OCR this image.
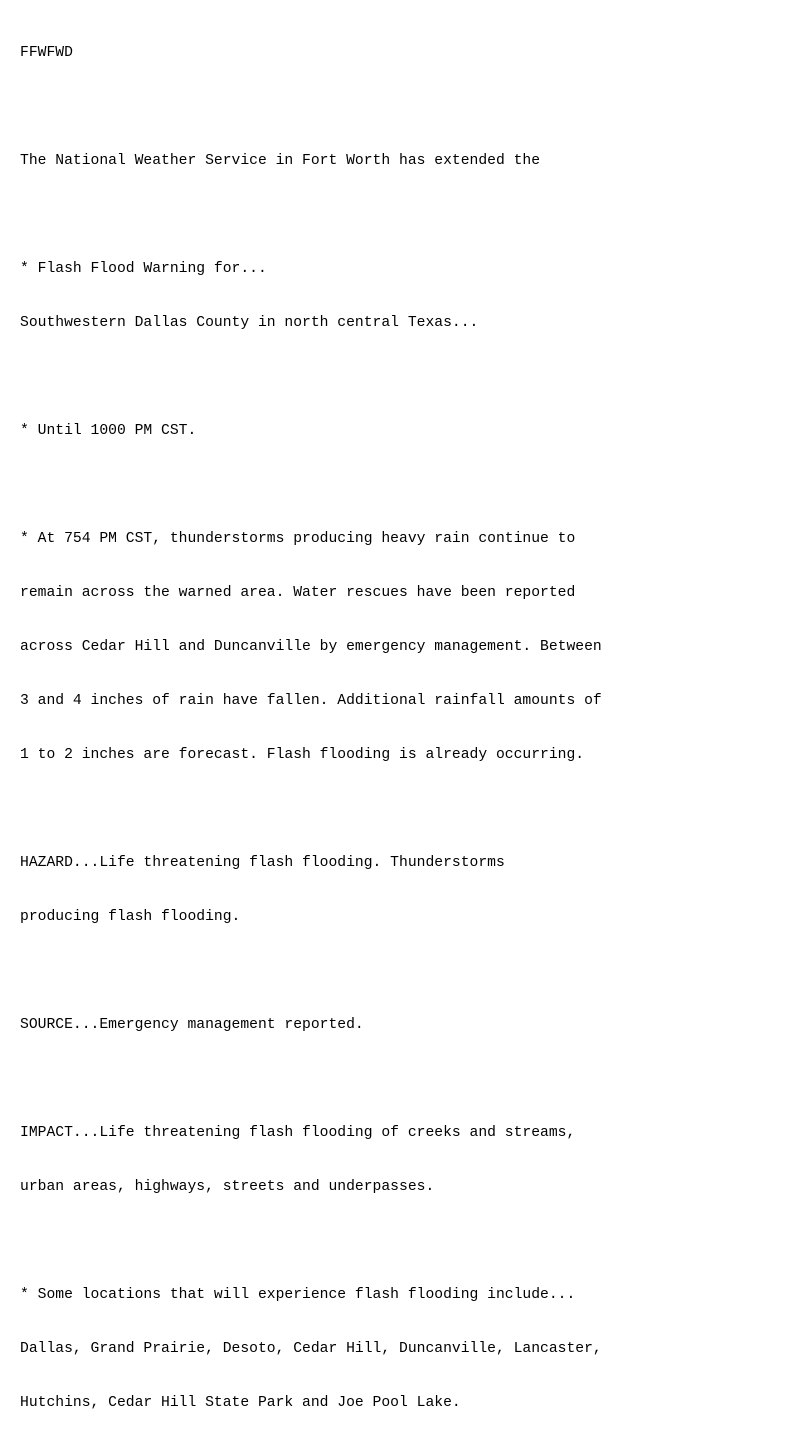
FFWFWD

The National Weather Service in Fort Worth has extended the

* Flash Flood Warning for...

Southwestern Dallas County in north central Texas...

* Until 1000 PM CST.

* At 754 PM CST, thunderstorms producing heavy rain continue to

remain across the warned area. Water rescues have been reported

across Cedar Hill and Duncanville by emergency management. Between

3 and 4 inches of rain have fallen. Additional rainfall amounts of

1 to 2 inches are forecast. Flash flooding is already occurring.

HAZARD...Life threatening flash flooding. Thunderstorms

producing flash flooding.

SOURCE...Emergency management reported.

IMPACT...Life threatening flash flooding of creeks and streams,

urban areas, highways, streets and underpasses.

* Some locations that will experience flash flooding include...

Dallas, Grand Prairie, Desoto, Cedar Hill, Duncanville, Lancaster,

Hutchins, Cedar Hill State Park and Joe Pool Lake.
